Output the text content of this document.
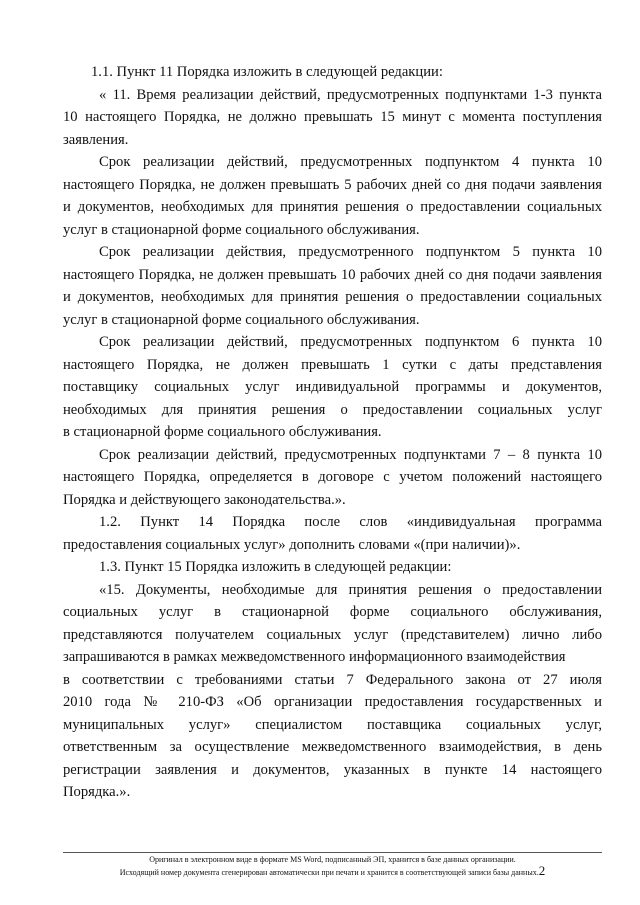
1.1. Пункт 11 Порядка изложить в следующей редакции:
« 11. Время реализации действий, предусмотренных подпунктами 1-3 пункта
10 настоящего Порядка, не должно превышать 15 минут с момента поступления
заявления.
Срок реализации действий, предусмотренных подпунктом 4 пункта 10
настоящего Порядка, не должен превышать 5 рабочих дней со дня подачи заявления
и документов, необходимых для принятия решения о предоставлении социальных
услуг в стационарной форме социального обслуживания.
Срок реализации действия, предусмотренного подпунктом 5 пункта 10
настоящего Порядка, не должен превышать 10 рабочих дней со дня подачи заявления
и документов, необходимых для принятия решения о предоставлении социальных
услуг в стационарной форме социального обслуживания.
Срок реализации действий, предусмотренных подпунктом 6 пункта 10
настоящего Порядка, не должен превышать 1 сутки с даты представления
поставщику социальных услуг индивидуальной программы и документов,
необходимых для принятия решения о предоставлении социальных услуг
в стационарной форме социального обслуживания.
Срок реализации действий, предусмотренных подпунктами 7 – 8 пункта 10
настоящего Порядка, определяется в договоре с учетом положений настоящего
Порядка и действующего законодательства.».
1.2. Пункт 14 Порядка после слов «индивидуальная программа
предоставления социальных услуг» дополнить словами «(при наличии)».
1.3. Пункт 15 Порядка изложить в следующей редакции:
«15. Документы, необходимые для принятия решения о предоставлении
социальных услуг в стационарной форме социального обслуживания,
представляются получателем социальных услуг (представителем) лично либо
запрашиваются в рамках межведомственного информационного взаимодействия
в соответствии с требованиями статьи 7 Федерального закона от 27 июля
2010 года № 210-ФЗ «Об организации предоставления государственных и
муниципальных услуг» специалистом поставщика социальных услуг,
ответственным за осуществление межведомственного взаимодействия, в день
регистрации заявления и документов, указанных в пункте 14 настоящего
Порядка.».
Оригинал в электронном виде в формате MS Word, подписанный ЭП, хранится в базе данных организации.
Исходящий номер документа сгенерирован автоматически при печати и хранится в соответствующей записи базы данных.2
